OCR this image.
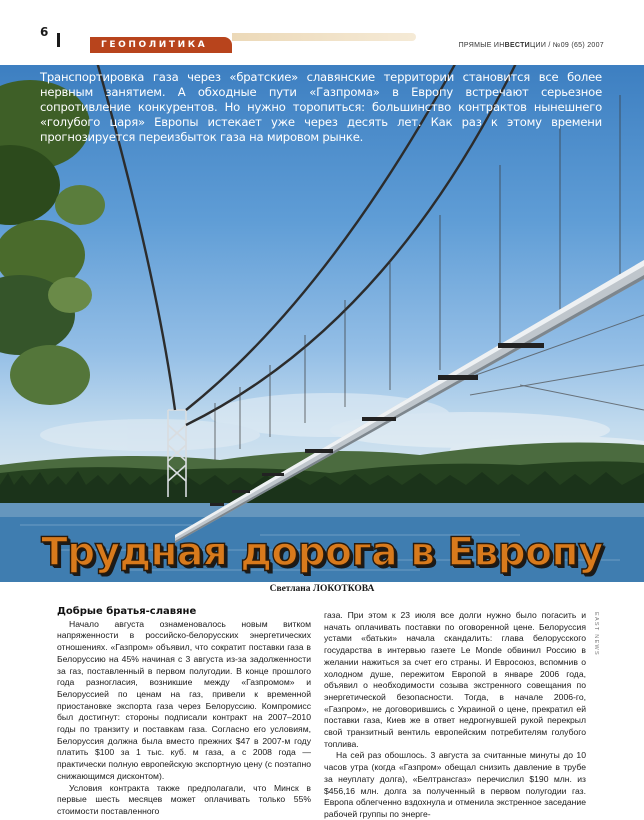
6
ГЕОПОЛИТИКА	ПРЯМЫЕ ИНВЕСТИЦИИ / №09 (65) 2007
Транспортировка газа через «братские» славянские территории становится все более нервным занятием. А обходные пути «Газпрома» в Европу встречают серьезное сопротивление конкурентов. Но нужно торопиться: большинство контрактов нынешнего «голубого царя» Европы истекает уже через десять лет. Как раз к этому времени прогнозируется переизбыток газа на мировом рынке.
Трудная дорога в Европу
Светлана ЛОКОТКОВА
EAST NEWS
Добрые братья-славяне

Начало августа ознаменовалось новым витком напряженности в российско-белорусских энергетических отношениях. «Газпром» объявил, что сократит поставки газа в Белоруссию на 45% начиная с 3 августа из-за задолженности за газ, поставленный в первом полугодии. В конце прошлого года разногласия, возникшие между «Газпромом» и Белоруссией по ценам на газ, привели к временной приостановке экспорта газа через Белоруссию. Компромисс был достигнут: стороны подписали контракт на 2007–2010 годы по транзиту и поставкам газа. Согласно его условиям, Белоруссия должна была вместо прежних $47 в 2007-м году платить $100 за 1 тыс. куб. м газа, а с 2008 года — практически полную европейскую экспортную цену (с поэтапно снижающимся дисконтом).

Условия контракта также предполагали, что Минск в первые шесть месяцев может оплачивать только 55% стоимости поставленного

газа. При этом к 23 июля все долги нужно было погасить и начать оплачивать поставки по оговоренной цене. Белоруссия устами «батьки» начала скандалить: глава белорусского государства в интервью газете Le Monde обвинил Россию в желании нажиться за счет его страны. И Евросоюз, вспомнив о холодном душе, пережитом Европой в январе 2006 года, объявил о необходимости созыва экстренного совещания по энергетической безопасности. Тогда, в начале 2006-го, «Газпром», не договорившись с Украиной о цене, прекратил ей поставки газа, Киев же в ответ недрогнувшей рукой перекрыл свой транзитный вентиль европейским потребителям голубого топлива.

На сей раз обошлось. 3 августа за считанные минуты до 10 часов утра (когда «Газпром» обещал снизить давление в трубе за неуплату долга), «Белтрансгаз» перечислил $190 млн. из $456,16 млн. долга за полученный в первом полугодии газ. Европа облегченно вздохнула и отменила экстренное заседание рабочей группы по энерге-
